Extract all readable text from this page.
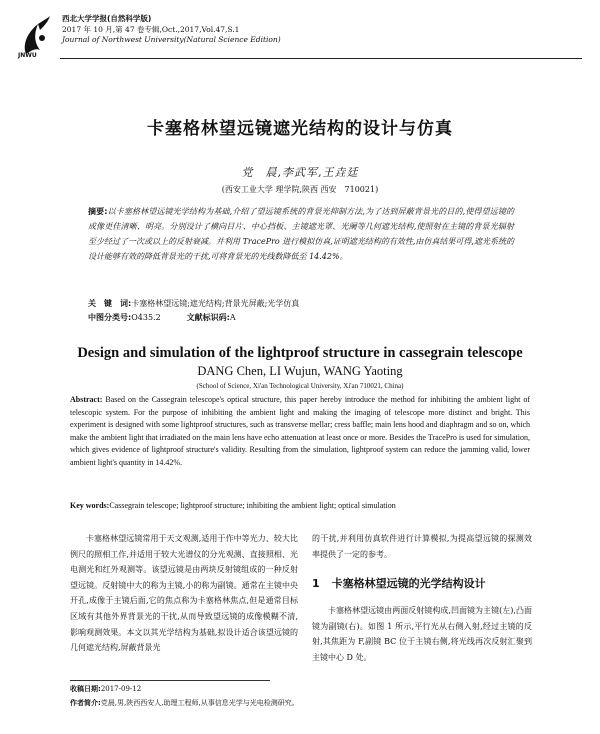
JNWU
西北大学学报(自然科学版)
2017 年 10 月,第 47 卷专辑,Oct.,2017,Vol.47,S.1
Journal of Northwest University(Natural Science Edition)
卡塞格林望远镜遮光结构的设计与仿真
党　晨,李武军,王垚廷
(西安工业大学 理学院,陕西 西安　710021)
摘要:以卡塞格林望远镜光学结构为基础,介绍了望远镜系统的背景光抑制方法,为了达到屏蔽背景光的目的,使得望远镜的成像更佳清晰、明亮。分别设计了横向目片、中心挡板、主镜遮光罩、光阑等几何遮光结构,使照射在主镜的背景光辐射至少经过了一次或以上的反射衰减。并利用 TracePro 进行模拟仿真,证明遮光结构的有效性,由仿真结果可得,遮光系统的设计能够有效的降低背景光的干扰,可将背景光的光线数降低至 14.42%。
关　键　词:卡塞格林望远镜;遮光结构;背景光屏蔽;光学仿真
中图分类号:O435.2	文献标识码:A
Design and simulation of the lightproof structure in cassegrain telescope
DANG Chen, LI Wujun, WANG Yaoting
(School of Science, Xi'an Technological University, Xi'an 710021, China)
Abstract: Based on the Cassegrain telescope's optical structure, this paper hereby introduce the method for inhibiting the ambient light of telescopic system. For the purpose of inhibiting the ambient light and making the imaging of telescope more distinct and bright. This experiment is designed with some lightproof structures, such as transverse mellar; cress baffle; main lens hood and diaphragm and so on, which make the ambient light that irradiated on the main lens have echo attenuation at least once or more. Besides the TracePro is used for simulation, which gives evidence of lightproof structure's validity. Resulting from the simulation, lightproof system can reduce the jamming valid, lower ambient light's quantity in 14.42%.
Key words:Cassegrain telescope; lightproof structure; inhibiting the ambient light; optical simulation
卡塞格林望远镜常用于天文观测,适用于作中等光力、较大比例尺的照相工作,并适用于较大光谱仪的分光观测、直接照相、光电测光和红外观测等。该望远镜是由两块反射镜组成的一种反射望远镜。反射镜中大的称为主镜,小的称为副镜。通常在主镜中央开孔,成像于主镜后面,它的焦点称为卡塞格林焦点,但是通常目标区域有其他外界背景光的干扰,从而导致望远镜的成像模糊不清,影响观测效果。本文以其光学结构为基础,拟设计适合该望远镜的几何遮光结构,屏蔽背景光
的干扰,并利用仿真软件进行计算模拟,为提高望远镜的探测效率提供了一定的参考。
1 卡塞格林望远镜的光学结构设计
卡塞格林望远镜由两面反射镜构成,凹面镜为主镜(左),凸面镜为副镜(右)。如图 1 所示,平行光从右侧入射,经过主镜的反射,其焦距为 F,副镜 BC 位于主镜右侧,将光线再次反射汇聚到主镜中心 D 处。
收稿日期:2017-09-12
作者简介:党晨,男,陕西西安人,助理工程师,从事信息光学与光电检测研究。
